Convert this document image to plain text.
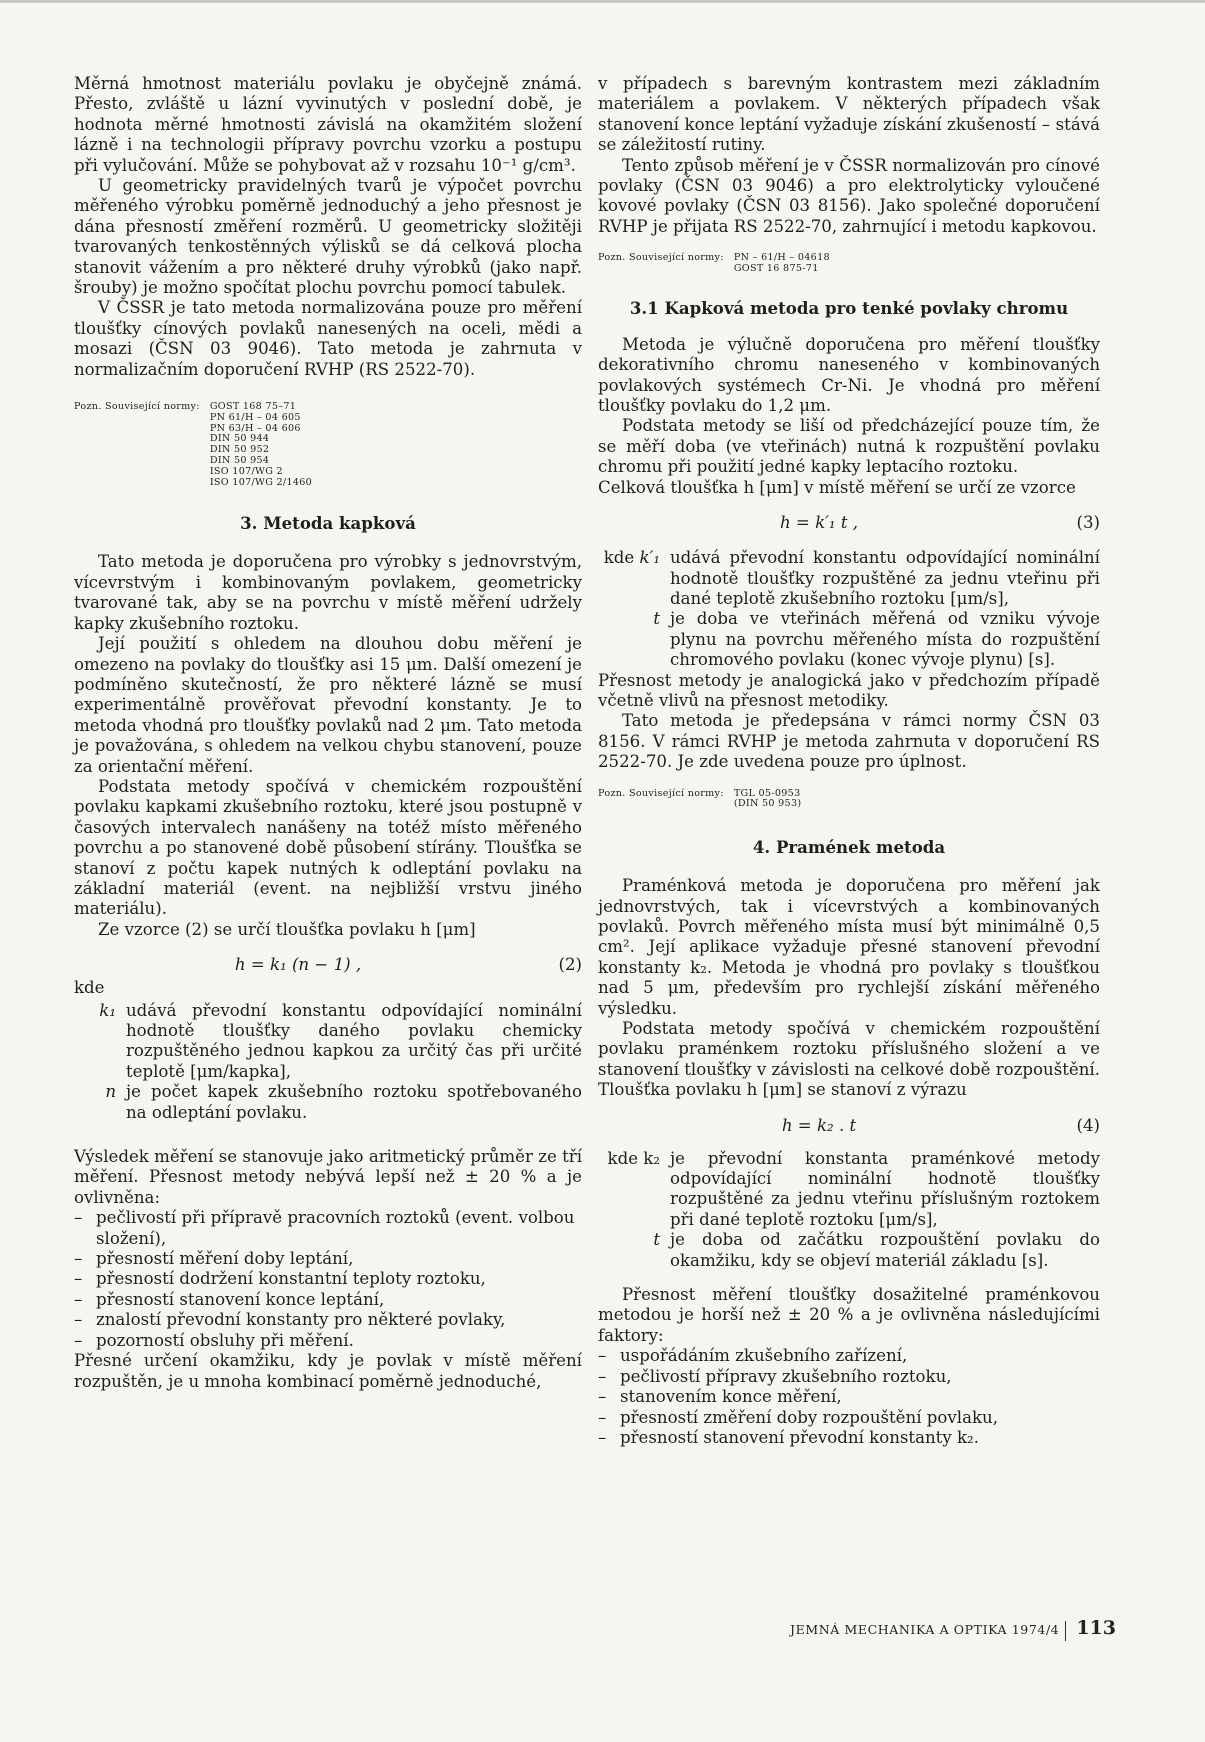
Měrná hmotnost materiálu povlaku je obyčejně známá. Přesto, zvláště u lázní vyvinutých v poslední době, je hodnota měrné hmotnosti závislá na okamžitém složení lázně i na technologii přípravy povrchu vzorku a postupu při vylučování. Může se pohybovat až v rozsahu 10⁻¹ g/cm³.

U geometricky pravidelných tvarů je výpočet povrchu měřeného výrobku poměrně jednoduchý a jeho přesnost je dána přesností změření rozměrů. U geometricky složitěji tvarovaných tenkostěnných výlisků se dá celková plocha stanovit vážením a pro některé druhy výrobků (jako např. šrouby) je možno spočítat plochu povrchu pomocí tabulek.

V ČSSR je tato metoda normalizována pouze pro měření tloušťky cínových povlaků nanesených na oceli, mědi a mosazi (ČSN 03 9046). Tato metoda je zahrnuta v normalizačním doporučení RVHP (RS 2522-70).

Pozn. Související normy: GOST 168 75–71
PN 61/H – 04 605
PN 63/H – 04 606
DIN 50 944
DIN 50 952
DIN 50 954
ISO 107/WG 2
ISO 107/WG 2/1460
3. Metoda kapková

Tato metoda je doporučena pro výrobky s jednovrstvým, vícevrstvým i kombinovaným povlakem, geometricky tvarované tak, aby se na povrchu v místě měření udržely kapky zkušebního roztoku.

Její použití s ohledem na dlouhou dobu měření je omezeno na povlaky do tloušťky asi 15 μm. Další omezení je podmíněno skutečností, že pro některé lázně se musí experimentálně prověřovat převodní konstanty. Je to metoda vhodná pro tloušťky povlaků nad 2 μm. Tato metoda je považována, s ohledem na velkou chybu stanovení, pouze za orientační měření.

Podstata metody spočívá v chemickém rozpouštění povlaku kapkami zkušebního roztoku, které jsou postupně v časových intervalech nanášeny na totéž místo měřeného povrchu a po stanovené době působení stírány. Tloušťka se stanoví z počtu kapek nutných k odleptání povlaku na základní materiál (event. na nejbližší vrstvu jiného materiálu).

Ze vzorce (2) se určí tloušťka povlaku h [μm]

h = k₁ (n − 1) ,	(2)
kde
k₁ udává převodní konstantu odpovídající nominální hodnotě tloušťky daného povlaku chemicky rozpuštěného jednou kapkou za určitý čas při určité teplotě [μm/kapka],
n je počet kapek zkušebního roztoku spotřebovaného na odleptání povlaku.

Výsledek měření se stanovuje jako aritmetický průměr ze tří měření. Přesnost metody nebývá lepší než ± 20 % a je ovlivněna:

– pečlivostí při přípravě pracovních roztoků (event. volbou složení),
– přesností měření doby leptání,
– přesností dodržení konstantní teploty roztoku,
– přesností stanovení konce leptání,
– znalostí převodní konstanty pro některé povlaky,
– pozorností obsluhy při měření.

Přesné určení okamžiku, kdy je povlak v místě měření rozpuštěn, je u mnoha kombinací poměrně jednoduché,

v případech s barevným kontrastem mezi základním materiálem a povlakem. V některých případech však stanovení konce leptání vyžaduje získání zkušeností – stává se záležitostí rutiny.

Tento způsob měření je v ČSSR normalizován pro cínové povlaky (ČSN 03 9046) a pro elektrolyticky vyloučené kovové povlaky (ČSN 03 8156). Jako společné doporučení RVHP je přijata RS 2522-70, zahrnující i metodu kapkovou.

Pozn. Související normy: PN – 61/H – 04618
GOST 16 875-71
3.1 Kapková metoda pro tenké povlaky chromu

Metoda je výlučně doporučena pro měření tloušťky dekorativního chromu naneseného v kombinovaných povlakových systémech Cr-Ni. Je vhodná pro měření tloušťky povlaku do 1,2 μm.

Podstata metody se liší od předcházející pouze tím, že se měří doba (ve vteřinách) nutná k rozpuštění povlaku chromu při použití jedné kapky leptacího roztoku.

Celková tloušťka h [μm] v místě měření se určí ze vzorce

h = k′₁ t ,	(3)
kde k′₁ udává převodní konstantu odpovídající nominální hodnotě tloušťky rozpuštěné za jednu vteřinu při dané teplotě zkušebního roztoku [μm/s],
t je doba ve vteřinách měřená od vzniku vývoje plynu na povrchu měřeného místa do rozpuštění chromového povlaku (konec vývoje plynu) [s].

Přesnost metody je analogická jako v předchozím případě včetně vlivů na přesnost metodiky.

Tato metoda je předepsána v rámci normy ČSN 03 8156. V rámci RVHP je metoda zahrnuta v doporučení RS 2522-70. Je zde uvedena pouze pro úplnost.

Pozn. Související normy: TGL 05-0953
(DIN 50 953)
4. Pramének metoda

Praménková metoda je doporučena pro měření jak jednovrstvých, tak i vícevrstvých a kombinovaných povlaků. Povrch měřeného místa musí být minimálně 0,5 cm². Její aplikace vyžaduje přesné stanovení převodní konstanty k₂. Metoda je vhodná pro povlaky s tloušťkou nad 5 μm, především pro rychlejší získání měřeného výsledku.

Podstata metody spočívá v chemickém rozpouštění povlaku praménkem roztoku příslušného složení a ve stanovení tloušťky v závislosti na celkové době rozpouštění. Tloušťka povlaku h [μm] se stanoví z výrazu

h = k₂ . t	(4)
kde k₂ je převodní konstanta praménkové metody odpovídající nominální hodnotě tloušťky rozpuštěné za jednu vteřinu příslušným roztokem při dané teplotě roztoku [μm/s],
t je doba od začátku rozpouštění povlaku do okamžiku, kdy se objeví materiál základu [s].

Přesnost měření tloušťky dosažitelné praménkovou metodou je horší než ± 20 % a je ovlivněna následujícími faktory:

– uspořádáním zkušebního zařízení,
– pečlivostí přípravy zkušebního roztoku,
– stanovením konce měření,
– přesností změření doby rozpouštění povlaku,
– přesností stanovení převodní konstanty k₂.
JEMNÁ MECHANIKA A OPTIKA 1974/4 113
